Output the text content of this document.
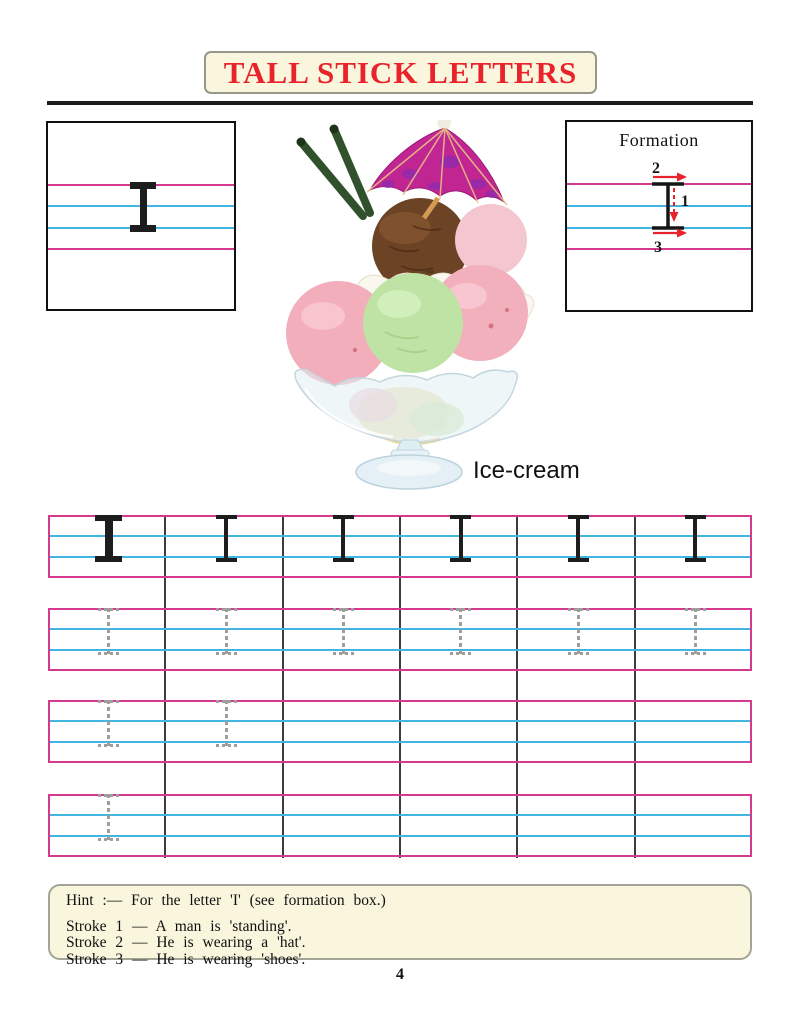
TALL STICK LETTERS
Ice-cream
Formation
2
1
3

Hint :— For the letter 'I' (see formation box.)

Stroke 1 — A man is 'standing'.

Stroke 2 — He is wearing a 'hat'.

Stroke 3 — He is wearing 'shoes'.

4
